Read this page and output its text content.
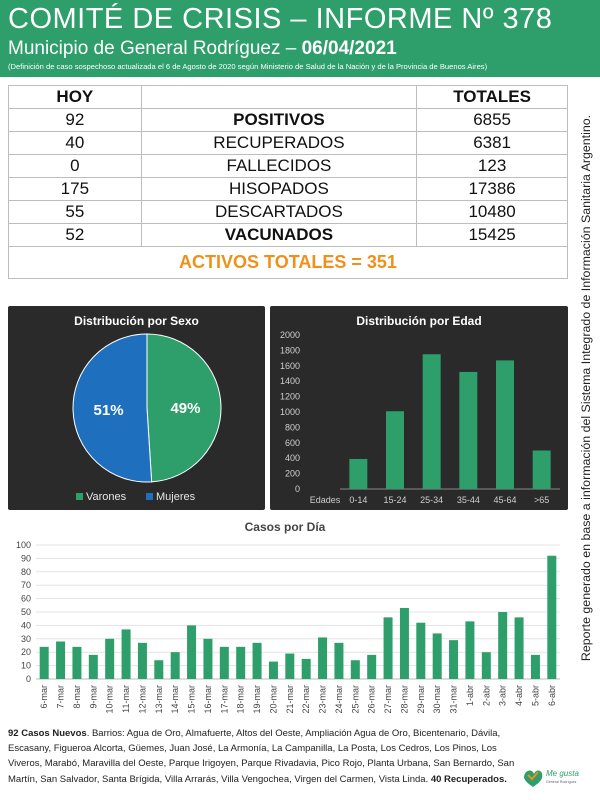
COMITÉ DE CRISIS – INFORME Nº 378
Municipio de General Rodríguez – 06/04/2021
(Definición de caso sospechoso actualizada el 6 de Agosto de 2020 según Ministerio de Salud de la Nación y de la Provincia de Buenos Aires)
HOY		TOTALES
92	POSITIVOS	6855
40	RECUPERADOS	6381
0	FALLECIDOS	123
175	HISOPADOS	17386
55	DESCARTADOS	10480
52	VACUNADOS	15425
ACTIVOS TOTALES = 351			Reporte generado en base a información del Sistema Integrado de Información Sanitaria Argentino.
Distribución por Sexo
49%
51%
Varones	Mujeres
Distribución por Edad
0
200
400
600
800
1000
1200
1400
1600
1800
2000
Edades 0-14 15-24 25-34 35-44 45-64 >65
Casos por Día
0
10
20
30
40
50
60
70
80
90
100
6-mar 7-mar 8-mar 9-mar 10-mar 11-mar 12-mar 13-mar 14-mar 15-mar 16-mar 17-mar 18-mar 19-mar 20-mar 21-mar 22-mar 23-mar 24-mar 25-mar 26-mar 27-mar 28-mar 29-mar 30-mar 31-mar 1-abr 2-abr 3-abr 4-abr 5-abr 6-abr
92 Casos Nuevos. Barrios: Agua de Oro, Almafuerte, Altos del Oeste, Ampliación Agua de Oro, Bicentenario, Dávila, Escasany, Figueroa Alcorta, Güemes, Juan José, La Armonía, La Campanilla, La Posta, Los Cedros, Los Pinos, Los Viveros, Marabó, Maravilla del Oeste, Parque Irigoyen, Parque Rivadavia, Pico Rojo, Planta Urbana, San Bernardo, San Martín, San Salvador, Santa Brígida, Villa Arrarás, Villa Vengochea, Virgen del Carmen, Vista Linda. 40 Recuperados.
Me gusta
General Rodríguez
